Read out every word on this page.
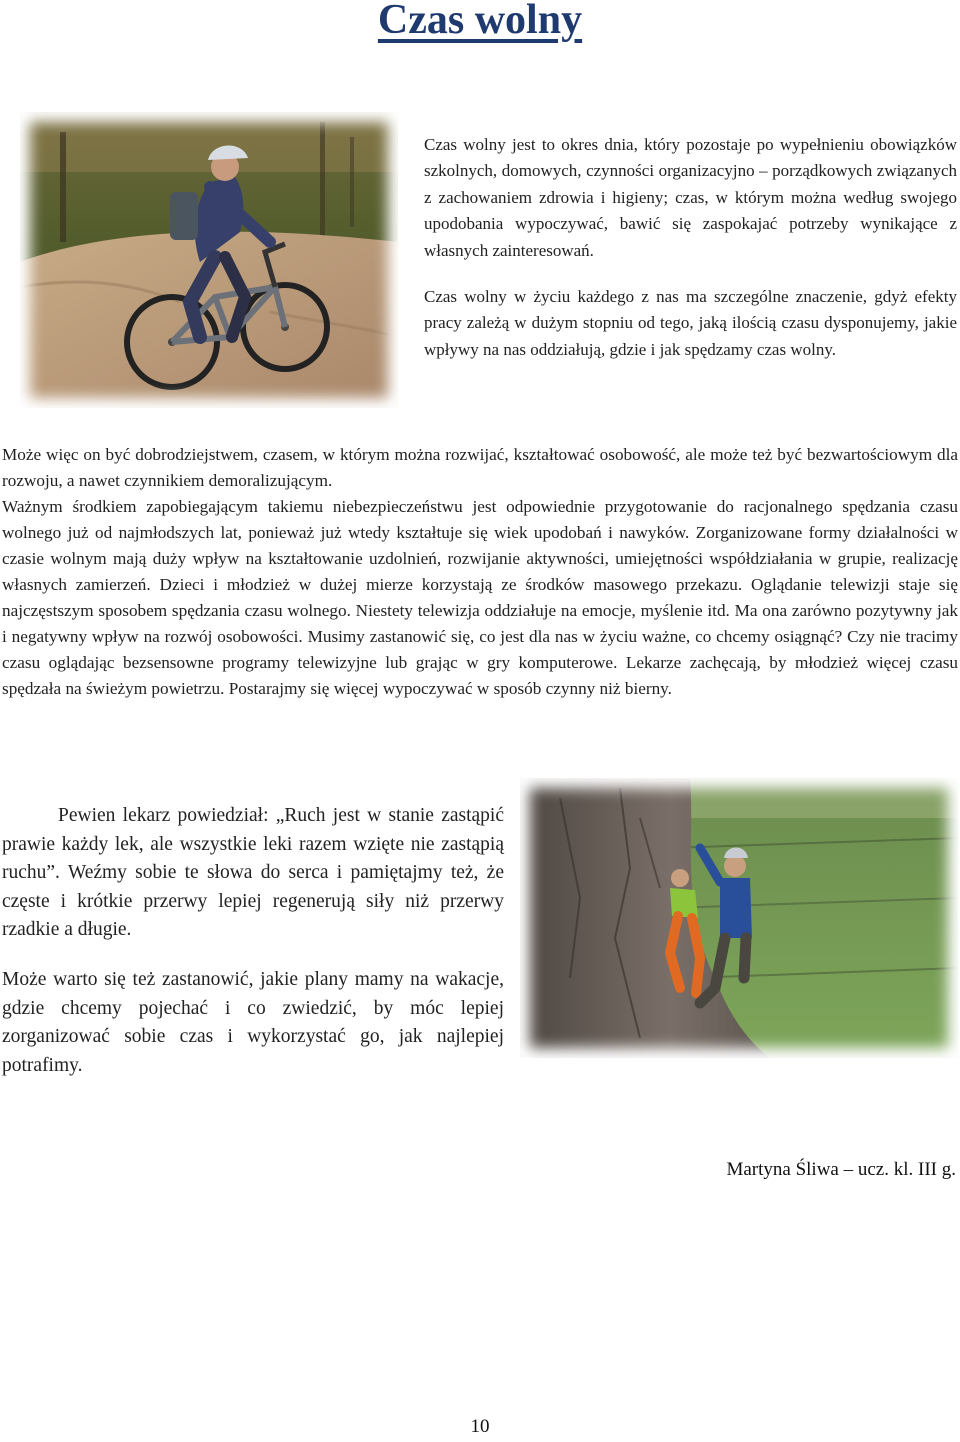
Czas wolny

Czas wolny jest to okres dnia, który pozostaje po wypełnieniu obowiązków szkolnych, domowych, czynności organizacyjno – porządkowych związanych z zachowaniem zdrowia i higieny; czas, w którym można według swojego upodobania wypoczywać, bawić się zaspokajać potrzeby wynikające z własnych zainteresowań.

Czas wolny w życiu każdego z nas ma szczególne znaczenie, gdyż efekty pracy zależą w dużym stopniu od tego, jaką ilością czasu dysponujemy, jakie wpływy na nas oddziałują, gdzie i jak spędzamy czas wolny.

Może więc on być dobrodziejstwem, czasem, w którym można rozwijać, kształtować osobowość, ale może też być bezwartościowym dla rozwoju, a nawet czynnikiem demoralizującym.

Ważnym środkiem zapobiegającym takiemu niebezpieczeństwu jest odpowiednie przygotowanie do racjonalnego spędzania czasu wolnego już od najmłodszych lat, ponieważ już wtedy kształtuje się wiek upodobań i nawyków. Zorganizowane formy działalności w czasie wolnym mają duży wpływ na kształtowanie uzdolnień, rozwijanie aktywności, umiejętności współdziałania w grupie, realizację własnych zamierzeń. Dzieci i młodzież w dużej mierze korzystają ze środków masowego przekazu. Oglądanie telewizji staje się najczęstszym sposobem spędzania czasu wolnego. Niestety telewizja oddziałuje na emocje, myślenie itd. Ma ona zarówno pozytywny jak i negatywny wpływ na rozwój osobowości. Musimy zastanowić się, co jest dla nas w życiu ważne, co chcemy osiągnąć? Czy nie tracimy czasu oglądając bezsensowne programy telewizyjne lub grając w gry komputerowe. Lekarze zachęcają, by młodzież więcej czasu spędzała na świeżym powietrzu. Postarajmy się więcej wypoczywać w sposób czynny niż bierny.

Pewien lekarz powiedział: „Ruch jest w stanie zastąpić prawie każdy lek, ale wszystkie leki razem wzięte nie zastąpią ruchu”. Weźmy sobie te słowa do serca i pamiętajmy też, że częste i krótkie przerwy lepiej regenerują siły niż przerwy rzadkie a długie.

Może warto się też zastanowić, jakie plany mamy na wakacje, gdzie chcemy pojechać i co zwiedzić, by móc lepiej zorganizować sobie czas i wykorzystać go, jak najlepiej potrafimy.

Martyna Śliwa – ucz. kl. III g.

10
